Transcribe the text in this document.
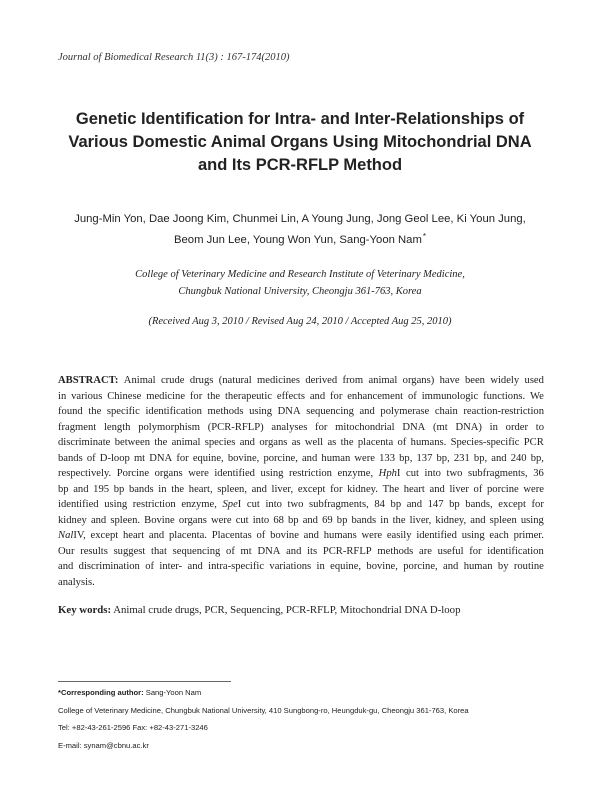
Journal of Biomedical Research 11(3) : 167-174(2010)
Genetic Identification for Intra- and Inter-Relationships of
Various Domestic Animal Organs Using Mitochondrial DNA
and Its PCR-RFLP Method
Jung-Min Yon, Dae Joong Kim, Chunmei Lin, A Young Jung, Jong Geol Lee, Ki Youn Jung,
Beom Jun Lee, Young Won Yun, Sang-Yoon Nam*
College of Veterinary Medicine and Research Institute of Veterinary Medicine,
Chungbuk National University, Cheongju 361-763, Korea
(Received Aug 3, 2010 / Revised Aug 24, 2010 / Accepted Aug 25, 2010)
ABSTRACT: Animal crude drugs (natural medicines derived from animal organs) have been widely used
in various Chinese medicine for the therapeutic effects and for enhancement of immunologic functions. We
found the specific identification methods using DNA sequencing and polymerase chain reaction-restriction
fragment length polymorphism (PCR-RFLP) analyses for mitochondrial DNA (mt DNA) in order to
discriminate between the animal species and organs as well as the placenta of humans. Species-specific PCR
bands of D-loop mt DNA for equine, bovine, porcine, and human were 133 bp, 137 bp, 231 bp, and 240 bp,
respectively. Porcine organs were identified using restriction enzyme, HphI cut into two subfragments, 36
bp and 195 bp bands in the heart, spleen, and liver, except for kidney. The heart and liver of porcine were
identified using restriction enzyme, SpeI cut into two subfragments, 84 bp and 147 bp bands, except for
kidney and spleen. Bovine organs were cut into 68 bp and 69 bp bands in the liver, kidney, and spleen using
NalIV, except heart and placenta. Placentas of bovine and humans were easily identified using each primer.
Our results suggest that sequencing of mt DNA and its PCR-RFLP methods are useful for identification
and discrimination of inter- and intra-specific variations in equine, bovine, porcine, and human by routine
analysis.
Key words: Animal crude drugs, PCR, Sequencing, PCR-RFLP, Mitochondrial DNA D-loop
*Corresponding author: Sang-Yoon Nam
College of Veterinary Medicine, Chungbuk National University, 410 Sungbong-ro, Heungduk-gu, Cheongju 361-763, Korea
Tel: +82-43-261-2596 Fax: +82-43-271-3246
E-mail: synam@cbnu.ac.kr
